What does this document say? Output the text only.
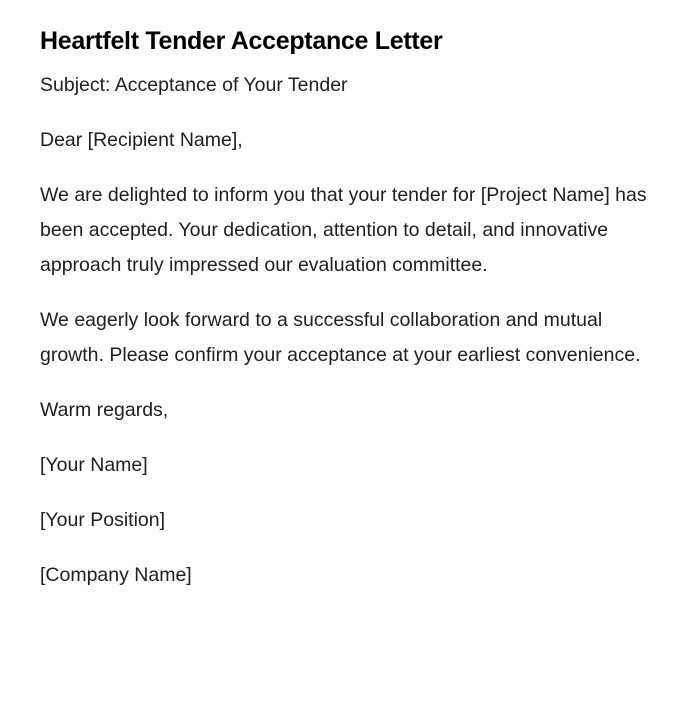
Heartfelt Tender Acceptance Letter

Subject: Acceptance of Your Tender

Dear [Recipient Name],

We are delighted to inform you that your tender for [Project Name] has been accepted. Your dedication, attention to detail, and innovative approach truly impressed our evaluation committee.

We eagerly look forward to a successful collaboration and mutual growth. Please confirm your acceptance at your earliest convenience.

Warm regards,

[Your Name]

[Your Position]

[Company Name]
